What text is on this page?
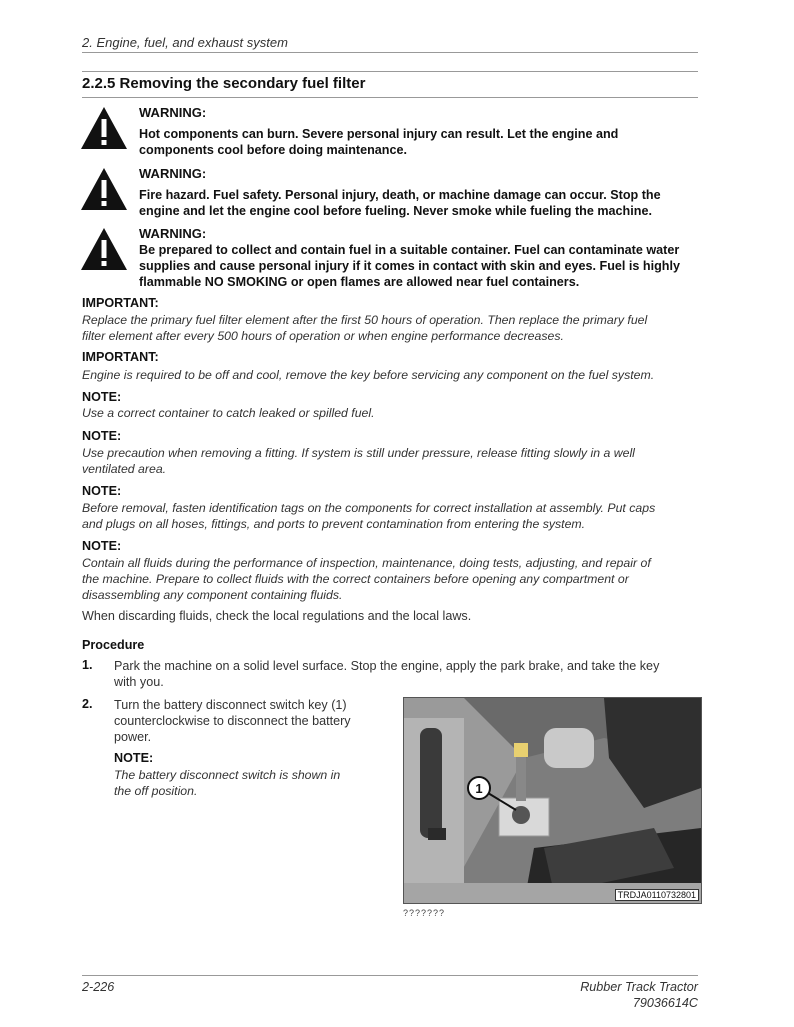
2. Engine, fuel, and exhaust system
2.2.5 Removing the secondary fuel filter
WARNING:
Hot components can burn. Severe personal injury can result. Let the engine and
components cool before doing maintenance.
WARNING:
Fire hazard. Fuel safety. Personal injury, death, or machine damage can occur. Stop the
engine and let the engine cool before fueling. Never smoke while fueling the machine.
WARNING:
Be prepared to collect and contain fuel in a suitable container. Fuel can contaminate water
supplies and cause personal injury if it comes in contact with skin and eyes. Fuel is highly
flammable NO SMOKING or open flames are allowed near fuel containers.
IMPORTANT:
Replace the primary fuel filter element after the first 50 hours of operation. Then replace the primary fuel
filter element after every 500 hours of operation or when engine performance decreases.
IMPORTANT:
Engine is required to be off and cool, remove the key before servicing any component on the fuel system.
NOTE:
Use a correct container to catch leaked or spilled fuel.
NOTE:
Use precaution when removing a fitting. If system is still under pressure, release fitting slowly in a well
ventilated area.
NOTE:
Before removal, fasten identification tags on the components for correct installation at assembly. Put caps
and plugs on all hoses, fittings, and ports to prevent contamination from entering the system.
NOTE:
Contain all fluids during the performance of inspection, maintenance, doing tests, adjusting, and repair of
the machine. Prepare to collect fluids with the correct containers before opening any compartment or
disassembling any component containing fluids.
When discarding fluids, check the local regulations and the local laws.
Procedure
1. Park the machine on a solid level surface. Stop the engine, apply the park brake, and take the key
with you.
2. Turn the battery disconnect switch key (1)
counterclockwise to disconnect the battery
power.
NOTE:
The battery disconnect switch is shown in
the off position.	1
TRDJA0110732801
???????
2-226	Rubber Track Tractor
79036614C
